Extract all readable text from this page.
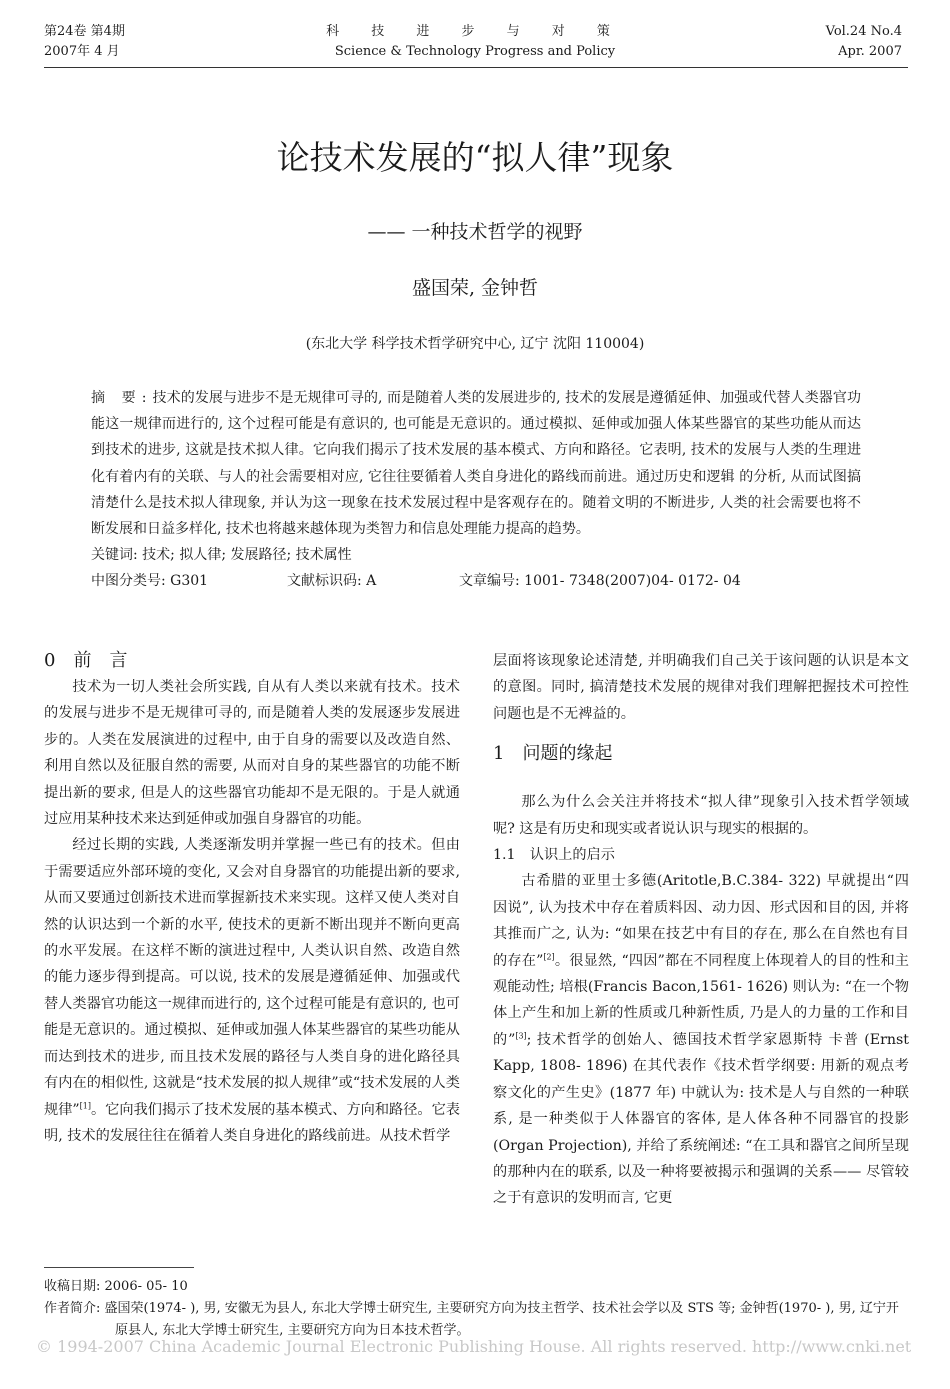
第24卷 第4期
2007年 4 月
科 技 进 步 与 对 策
Science & Technology Progress and Policy
Vol.24 No.4
Apr. 2007
论技术发展的“拟人律”现象
—— 一种技术哲学的视野
盛国荣, 金钟哲
(东北大学 科学技术哲学研究中心, 辽宁 沈阳 110004)

摘 要:技术的发展与进步不是无规律可寻的, 而是随着人类的发展进步的, 技术的发展是遵循延伸、加强或代替人类器官功能这一规律而进行的, 这个过程可能是有意识的, 也可能是无意识的。通过模拟、延伸或加强人体某些器官的某些功能从而达到技术的进步, 这就是技术拟人律。它向我们揭示了技术发展的基本模式、方向和路径。它表明, 技术的发展与人类的生理进化有着内有的关联、与人的社会需要相对应, 它往往要循着人类自身进化的路线而前进。通过历史和逻辑 的分析, 从而试图搞清楚什么是技术拟人律现象, 并认为这一现象在技术发展过程中是客观存在的。随着文明的不断进步, 人类的社会需要也将不断发展和日益多样化, 技术也将越来越体现为类智力和信息处理能力提高的趋势。

关键词: 技术; 拟人律; 发展路径; 技术属性

中图分类号: G301	文献标识码: A	文章编号: 1001- 7348(2007)04- 0172- 04

0　前　言

技术为一切人类社会所实践, 自从有人类以来就有技术。技术的发展与进步不是无规律可寻的, 而是随着人类的发展逐步发展进步的。人类在发展演进的过程中, 由于自身的需要以及改造自然、利用自然以及征服自然的需要, 从而对自身的某些器官的功能不断提出新的要求, 但是人的这些器官功能却不是无限的。于是人就通过应用某种技术来达到延伸或加强自身器官的功能。

经过长期的实践, 人类逐渐发明并掌握一些已有的技术。但由于需要适应外部环境的变化, 又会对自身器官的功能提出新的要求, 从而又要通过创新技术进而掌握新技术来实现。这样又使人类对自然的认识达到一个新的水平, 使技术的更新不断出现并不断向更高的水平发展。在这样不断的演进过程中, 人类认识自然、改造自然的能力逐步得到提高。可以说, 技术的发展是遵循延伸、加强或代替人类器官功能这一规律而进行的, 这个过程可能是有意识的, 也可能是无意识的。通过模拟、延伸或加强人体某些器官的某些功能从而达到技术的进步, 而且技术发展的路径与人类自身的进化路径具有内在的相似性, 这就是“技术发展的拟人规律”或“技术发展的人类规律”[1]。它向我们揭示了技术发展的基本模式、方向和路径。它表明, 技术的发展往往在循着人类自身进化的路线前进。从技术哲学

层面将该现象论述清楚, 并明确我们自己关于该问题的认识是本文的意图。同时, 搞清楚技术发展的规律对我们理解把握技术可控性问题也是不无裨益的。

1　问题的缘起

那么为什么会关注并将技术“拟人律”现象引入技术哲学领域呢? 这是有历史和现实或者说认识与现实的根据的。

1.1　认识上的启示

古希腊的亚里士多德(Aritotle,B.C.384- 322) 早就提出“四因说”, 认为技术中存在着质料因、动力因、形式因和目的因, 并将其推而广之, 认为: “如果在技艺中有目的存在, 那么在自然也有目的存在”[2]。很显然, “四因”都在不同程度上体现着人的目的性和主观能动性; 培根(Francis Bacon,1561- 1626) 则认为: “在一个物体上产生和加上新的性质或几种新性质, 乃是人的力量的工作和目的”[3]; 技术哲学的创始人、德国技术哲学家恩斯特 卡普 (Ernst Kapp, 1808- 1896) 在其代表作《技术哲学纲要: 用新的观点考察文化的产生史》(1877 年) 中就认为: 技术是人与自然的一种联系, 是一种类似于人体器官的客体, 是人体各种不同器官的投影(Organ Projection), 并给了系统阐述: “在工具和器官之间所呈现的那种内在的联系, 以及一种将要被揭示和强调的关系—— 尽管较之于有意识的发明而言, 它更

收稿日期: 2006- 05- 10

作者简介: 盛国荣(1974- ), 男, 安徽无为县人, 东北大学博士研究生, 主要研究方向为技主哲学、技术社会学以及 STS 等; 金钟哲(1970- ), 男, 辽宁开原县人, 东北大学博士研究生, 主要研究方向为日本技术哲学。

© 1994-2007 China Academic Journal Electronic Publishing House. All rights reserved. http://www.cnki.net
